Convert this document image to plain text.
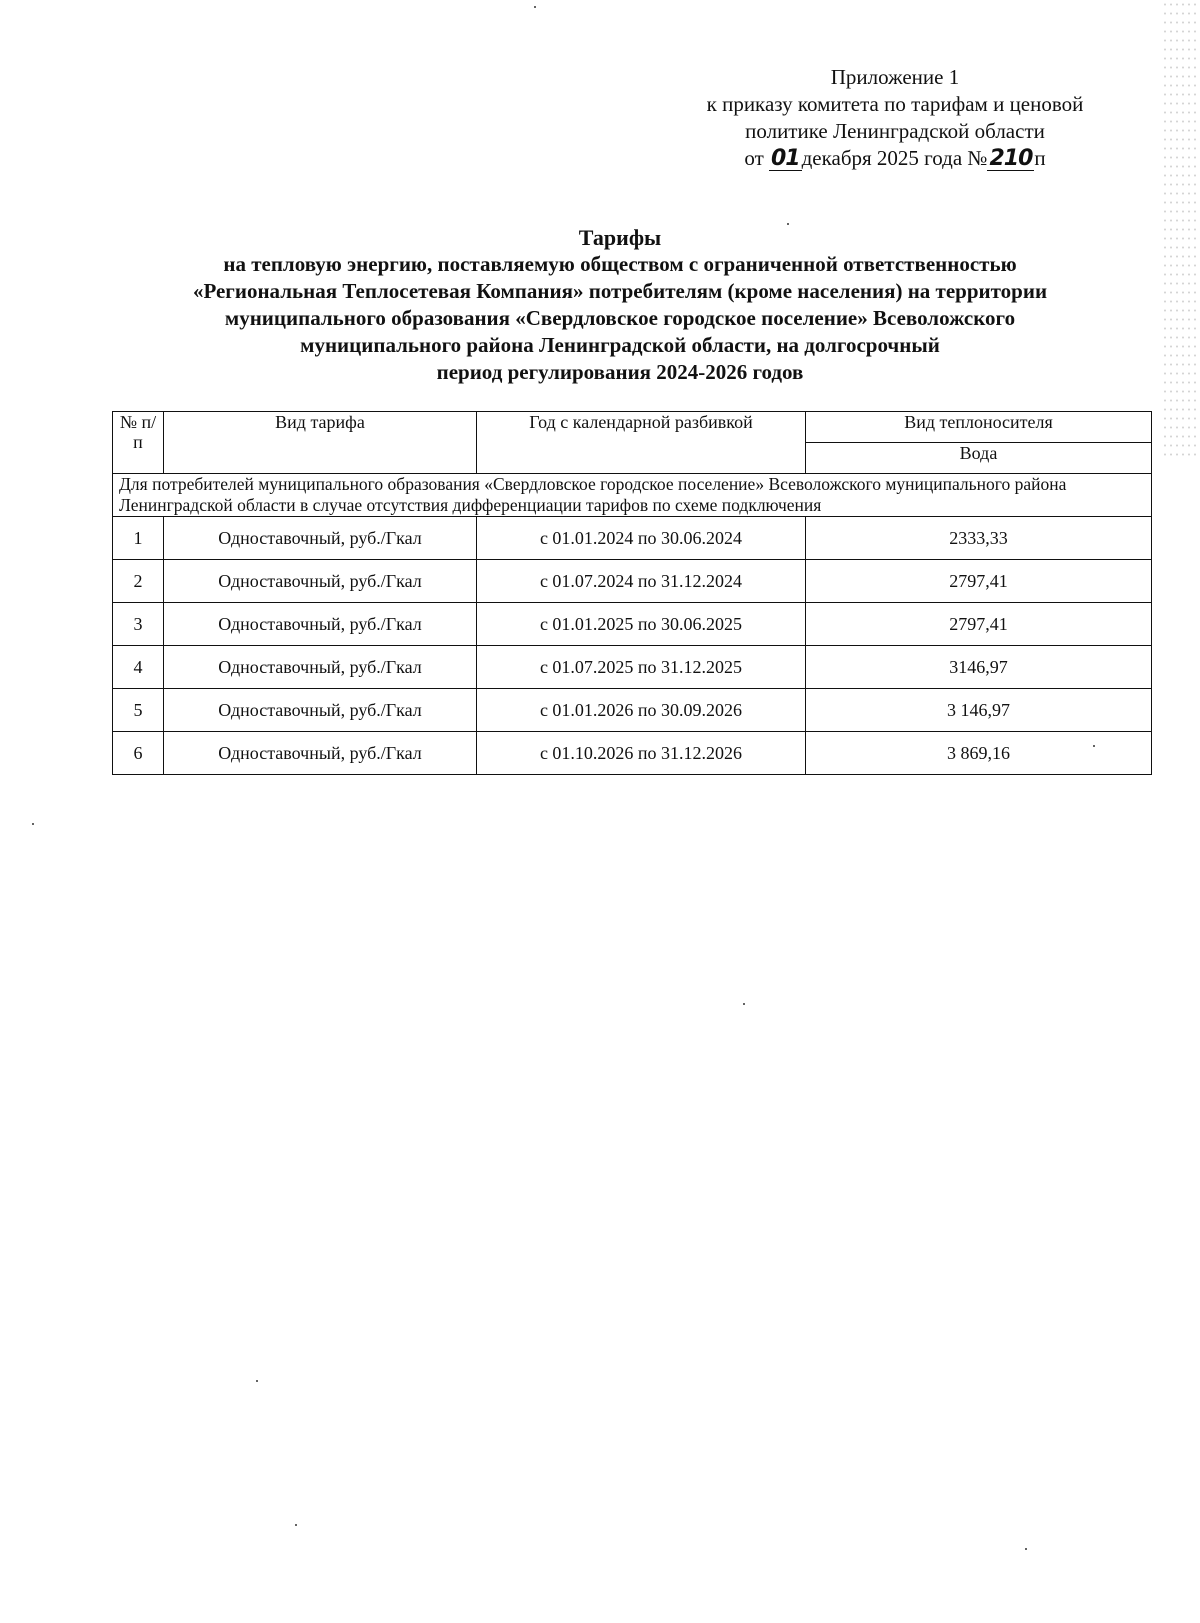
Приложение 1
к приказу комитета по тарифам и ценовой
политике Ленинградской области
от 01декабря 2025 года №210п
Тарифы
на тепловую энергию, поставляемую обществом с ограниченной ответственностью
«Региональная Теплосетевая Компания» потребителям (кроме населения) на территории
муниципального образования «Свердловское городское поселение» Всеволожского
муниципального района Ленинградской области, на долгосрочный
период регулирования 2024-2026 годов
№ п/п	Вид тарифа	Год с календарной разбивкой	Вид теплоносителя
			Вода
Для потребителей муниципального образования «Свердловское городское поселение» Всеволожского муниципального района Ленинградской области в случае отсутствия дифференциации тарифов по схеме подключения			
1	Одноставочный, руб./Гкал	с 01.01.2024 по 30.06.2024	2333,33
2	Одноставочный, руб./Гкал	с 01.07.2024 по 31.12.2024	2797,41
3	Одноставочный, руб./Гкал	с 01.01.2025 по 30.06.2025	2797,41
4	Одноставочный, руб./Гкал	с 01.07.2025 по 31.12.2025	3146,97
5	Одноставочный, руб./Гкал	с 01.01.2026 по 30.09.2026	3 146,97
6	Одноставочный, руб./Гкал	с 01.10.2026 по 31.12.2026	3 869,16
